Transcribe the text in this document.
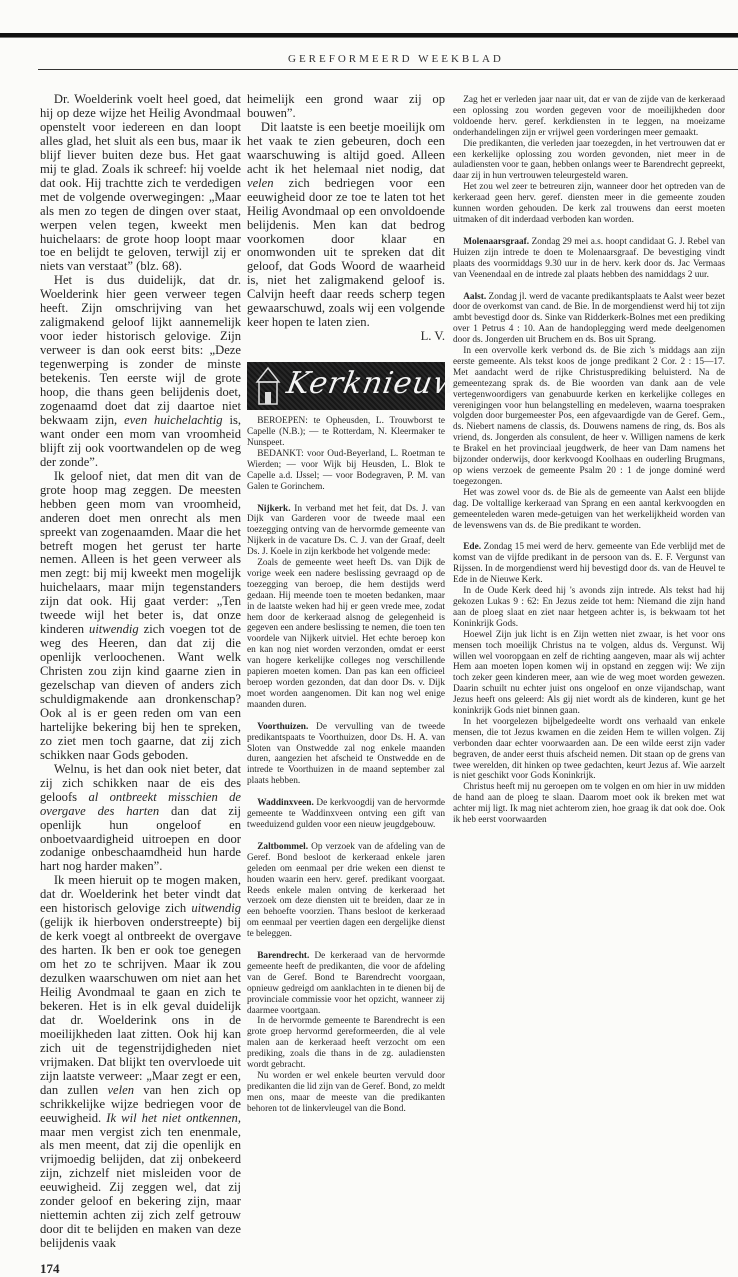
GEREFORMEERD WEEKBLAD

Dr. Woelderink voelt heel goed, dat hij op deze wijze het Heilig Avondmaal openstelt voor iedereen en dan loopt alles glad, het sluit als een bus, maar ik blijf liever buiten deze bus. Het gaat mij te glad. Zoals ik schreef: hij voelde dat ook. Hij trachtte zich te verdedigen met de volgende overwegingen: „Maar als men zo tegen de dingen over staat, werpen velen tegen, kweekt men huichelaars: de grote hoop loopt maar toe en belijdt te geloven, terwijl zij er niets van verstaat” (blz. 68).

Het is dus duidelijk, dat dr. Woelderink hier geen verweer tegen heeft. Zijn omschrijving van het zaligmakend geloof lijkt aannemelijk voor ieder historisch gelovige. Zijn verweer is dan ook eerst bits: „Deze tegenwerping is zonder de minste betekenis. Ten eerste wijl de grote hoop, die thans geen belijdenis doet, zogenaamd doet dat zij daartoe niet bekwaam zijn, even huichelachtig is, want onder een mom van vroomheid blijft zij ook voortwandelen op de weg der zonde”.

Ik geloof niet, dat men dit van de grote hoop mag zeggen. De meesten hebben geen mom van vroomheid, anderen doet men onrecht als men spreekt van zogenaamden. Maar die het betreft mogen het gerust ter harte nemen. Alleen is het geen verweer als men zegt: bij mij kweekt men mogelijk huichelaars, maar mijn tegenstanders zijn dat ook. Hij gaat verder: „Ten tweede wijl het beter is, dat onze kinderen uitwendig zich voegen tot de weg des Heeren, dan dat zij die openlijk verloochenen. Want welk Christen zou zijn kind gaarne zien in gezelschap van dieven of anders zich schuldigmakende aan dronkenschap? Ook al is er geen reden om van een hartelijke bekering bij hen te spreken, zo ziet men toch gaarne, dat zij zich schikken naar Gods geboden.

Welnu, is het dan ook niet beter, dat zij zich schikken naar de eis des geloofs al ontbreekt misschien de overgave des harten dan dat zij openlijk hun ongeloof en onboetvaardigheid uitroepen en door zodanige onbeschaamdheid hun harde hart nog harder maken”.

Ik meen hieruit op te mogen maken, dat dr. Woelderink het beter vindt dat een historisch gelovige zich uitwendig (gelijk ik hierboven onderstreepte) bij de kerk voegt al ontbreekt de overgave des harten. Ik ben er ook toe genegen om het zo te schrijven. Maar ik zou dezulken waarschuwen om niet aan het Heilig Avondmaal te gaan en zich te bekeren. Het is in elk geval duidelijk dat dr. Woelderink ons in de moeilijkheden laat zitten. Ook hij kan zich uit de tegenstrijdigheden niet vrijmaken. Dat blijkt ten overvloede uit zijn laatste verweer: „Maar zegt er een, dan zullen velen van hen zich op schrikkelijke wijze bedriegen voor de eeuwigheid. Ik wil het niet ontkennen, maar men vergist zich ten enenmale, als men meent, dat zij die openlijk en vrijmoedig belijden, dat zij onbekeerd zijn, zichzelf niet misleiden voor de eeuwigheid. Zij zeggen wel, dat zij zonder geloof en bekering zijn, maar niettemin achten zij zich zelf getrouw door dit te belijden en maken van deze belijdenis vaak

174

heimelijk een grond waar zij op bouwen”.

Dit laatste is een beetje moeilijk om het vaak te zien gebeuren, doch een waarschuwing is altijd goed. Alleen acht ik het helemaal niet nodig, dat velen zich bedriegen voor een eeuwigheid door ze toe te laten tot het Heilig Avondmaal op een onvoldoende belijdenis. Men kan dat bedrog voorkomen door klaar en onomwonden uit te spreken dat dit geloof, dat Gods Woord de waarheid is, niet het zaligmakend geloof is. Calvijn heeft daar reeds scherp tegen gewaarschuwd, zoals wij een volgende keer hopen te laten zien.

L. V.

Kerknieuws

BEROEPEN: te Opheusden, L. Trouwborst te Capelle (N.B.); — te Rotterdam, N. Kleermaker te Nunspeet.

BEDANKT: voor Oud-Beyerland, L. Roetman te Wierden; — voor Wijk bij Heusden, L. Blok te Capelle a.d. IJssel; — voor Bodegraven, P. M. van Galen te Gorinchem.

Nijkerk. In verband met het feit, dat Ds. J. van Dijk van Garderen voor de tweede maal een toezegging ontving van de hervormde gemeente van Nijkerk in de vacature Ds. C. J. van der Graaf, deelt Ds. J. Koele in zijn kerkbode het volgende mede:

Zoals de gemeente weet heeft Ds. van Dijk de vorige week een nadere beslissing gevraagd op de toezegging van beroep, die hem destijds werd gedaan. Hij meende toen te moeten bedanken, maar in de laatste weken had hij er geen vrede mee, zodat hem door de kerkeraad alsnog de gelegenheid is gegeven een andere beslissing te nemen, die toen ten voordele van Nijkerk uitviel. Het echte beroep kon en kan nog niet worden verzonden, omdat er eerst van hogere kerkelijke colleges nog verschillende papieren moeten komen. Dan pas kan een officieel beroep worden gezonden, dat dan door Ds. v. Dijk moet worden aangenomen. Dit kan nog wel enige maanden duren.

Voorthuizen. De vervulling van de tweede predikantspaats te Voorthuizen, door Ds. H. A. van Sloten van Onstwedde zal nog enkele maanden duren, aangezien het afscheid te Onstwedde en de intrede te Voorthuizen in de maand september zal plaats hebben.

Waddinxveen. De kerkvoogdij van de hervormde gemeente te Waddinxveen ontving een gift van tweeduizend gulden voor een nieuw jeugdgebouw.

Zaltbommel. Op verzoek van de afdeling van de Geref. Bond besloot de kerkeraad enkele jaren geleden om eenmaal per drie weken een dienst te houden waarin een herv. geref. predikant voorgaat. Reeds enkele malen ontving de kerkeraad het verzoek om deze diensten uit te breiden, daar ze in een behoefte voorzien. Thans besloot de kerkeraad om eenmaal per veertien dagen een dergelijke dienst te beleggen.

Barendrecht. De kerkeraad van de hervormde gemeente heeft de predikanten, die voor de afdeling van de Geref. Bond te Barendrecht voorgaan, opnieuw gedreigd om aanklachten in te dienen bij de provinciale commissie voor het opzicht, wanneer zij daarmee voortgaan.

In de hervormde gemeente te Barendrecht is een grote groep hervormd gereformeerden, die al vele malen aan de kerkeraad heeft verzocht om een prediking, zoals die thans in de zg. auladiensten wordt gebracht.

Nu worden er wel enkele beurten vervuld door predikanten die lid zijn van de Geref. Bond, zo meldt men ons, maar de meeste van die predikanten behoren tot de linkervleugel van die Bond.

Zag het er verleden jaar naar uit, dat er van de zijde van de kerkeraad een oplossing zou worden gegeven voor de moeilijkheden door voldoende herv. geref. kerkdiensten in te leggen, na moeizame onderhandelingen zijn er vrijwel geen vorderingen meer gemaakt.

Die predikanten, die verleden jaar toezegden, in het vertrouwen dat er een kerkelijke oplossing zou worden gevonden, niet meer in de auladiensten voor te gaan, hebben onlangs weer te Barendrecht gepreekt, daar zij in hun vertrouwen teleurgesteld waren.

Het zou wel zeer te betreuren zijn, wanneer door het optreden van de kerkeraad geen herv. geref. diensten meer in die gemeente zouden kunnen worden gehouden. De kerk zal trouwens dan eerst moeten uitmaken of dit inderdaad verboden kan worden.

Molenaarsgraaf. Zondag 29 mei a.s. hoopt candidaat G. J. Rebel van Huizen zijn intrede te doen te Molenaarsgraaf. De bevestiging vindt plaats des voormiddags 9.30 uur in de herv. kerk door ds. Jac Vermaas van Veenendaal en de intrede zal plaats hebben des namiddags 2 uur.

Aalst. Zondag jl. werd de vacante predikantsplaats te Aalst weer bezet door de overkomst van cand. de Bie. In de morgendienst werd hij tot zijn ambt bevestigd door ds. Sinke van Ridderkerk-Bolnes met een prediking over 1 Petrus 4 : 10. Aan de handoplegging werd mede deelgenomen door ds. Jongerden uit Bruchem en ds. Bos uit Sprang.

In een overvolle kerk verbond ds. de Bie zich 's middags aan zijn eerste gemeente. Als tekst koos de jonge predikant 2 Cor. 2 : 15—17. Met aandacht werd de rijke Christusprediking beluisterd. Na de gemeentezang sprak ds. de Bie woorden van dank aan de vele vertegenwoordigers van genabuurde kerken en kerkelijke colleges en verenigingen voor hun belangstelling en medeleven, waarna toespraken volgden door burgemeester Pos, een afgevaardigde van de Geref. Gem., ds. Niebert namens de classis, ds. Douwens namens de ring, ds. Bos als vriend, ds. Jongerden als consulent, de heer v. Willigen namens de kerk te Brakel en het provinciaal jeugdwerk, de heer van Dam namens het bijzonder onderwijs, door kerkvoogd Koolhaas en ouderling Brugmans, op wiens verzoek de gemeente Psalm 20 : 1 de jonge dominé werd toegezongen.

Het was zowel voor ds. de Bie als de gemeente van Aalst een blijde dag. De voltallige kerkeraad van Sprang en een aantal kerkvoogden en gemeenteleden waren mede-getuigen van het werkelijkheid worden van de levenswens van ds. de Bie predikant te worden.

Ede. Zondag 15 mei werd de herv. gemeente van Ede verblijd met de komst van de vijfde predikant in de persoon van ds. E. F. Vergunst van Rijssen. In de morgendienst werd hij bevestigd door ds. van de Heuvel te Ede in de Nieuwe Kerk.

In de Oude Kerk deed hij 's avonds zijn intrede. Als tekst had hij gekozen Lukas 9 : 62: En Jezus zeide tot hem: Niemand die zijn hand aan de ploeg slaat en ziet naar hetgeen achter is, is bekwaam tot het Koninkrijk Gods.

Hoewel Zijn juk licht is en Zijn wetten niet zwaar, is het voor ons mensen toch moeilijk Christus na te volgen, aldus ds. Vergunst. Wij willen wel vooropgaan en zelf de richting aangeven, maar als wij achter Hem aan moeten lopen komen wij in opstand en zeggen wij: We zijn toch zeker geen kinderen meer, aan wie de weg moet worden gewezen. Daarin schuilt nu echter juist ons ongeloof en onze vijandschap, want Jezus heeft ons geleerd: Als gij niet wordt als de kinderen, kunt ge het koninkrijk Gods niet binnen gaan.

In het voorgelezen bijbelgedeelte wordt ons verhaald van enkele mensen, die tot Jezus kwamen en die zeiden Hem te willen volgen. Zij verbonden daar echter voorwaarden aan. De een wilde eerst zijn vader begraven, de ander eerst thuis afscheid nemen. Dit staan op de grens van twee werelden, dit hinken op twee gedachten, keurt Jezus af. Wie aarzelt is niet geschikt voor Gods Koninkrijk.

Christus heeft mij nu geroepen om te volgen en om hier in uw midden de hand aan de ploeg te slaan. Daarom moet ook ik breken met wat achter mij ligt. Ik mag niet achterom zien, hoe graag ik dat ook doe. Ook ik heb eerst voorwaarden
